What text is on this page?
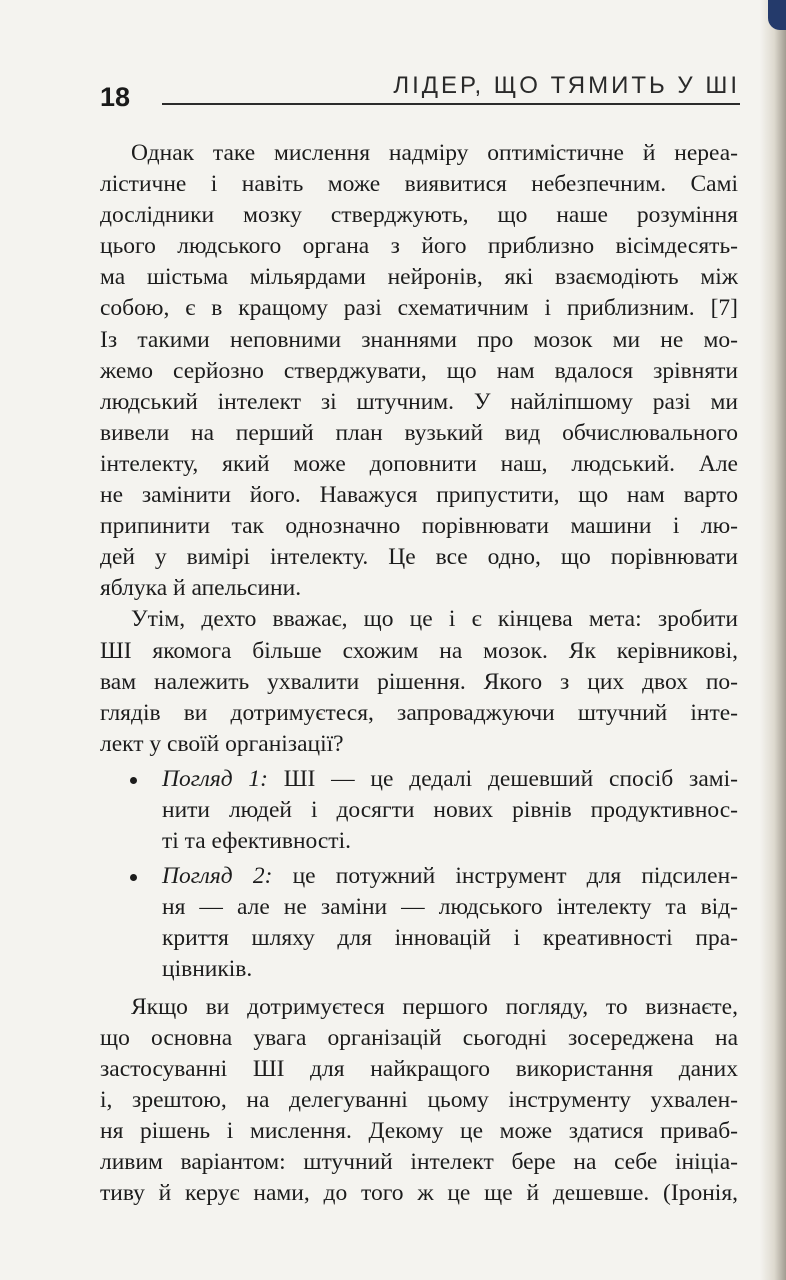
18	ЛІДЕР, ЩО ТЯМИТЬ У ШІ
Однак таке мислення надміру оптимістичне й нереа-
лістичне і навіть може виявитися небезпечним. Самі
дослідники мозку стверджують, що наше розуміння
цього людського органа з його приблизно вісімдесять-
ма шістьма мільярдами нейронів, які взаємодіють між
собою, є в кращому разі схематичним і приблизним. [7]
Із такими неповними знаннями про мозок ми не мо-
жемо серйозно стверджувати, що нам вдалося зрівняти
людський інтелект зі штучним. У найліпшому разі ми
вивели на перший план вузький вид обчислювального
інтелекту, який може доповнити наш, людський. Але
не замінити його. Наважуся припустити, що нам варто
припинити так однозначно порівнювати машини і лю-
дей у вимірі інтелекту. Це все одно, що порівнювати
яблука й апельсини.
Утім, дехто вважає, що це і є кінцева мета: зробити
ШІ якомога більше схожим на мозок. Як керівникові,
вам належить ухвалити рішення. Якого з цих двох по-
глядів ви дотримуєтеся, запроваджуючи штучний інте-
лект у своїй організації?
Погляд 1: ШІ — це дедалі дешевший спосіб замі-
нити людей і досягти нових рівнів продуктивнос-
ті та ефективності.
Погляд 2: це потужний інструмент для підсилен-
ня — але не заміни — людського інтелекту та від-
криття шляху для інновацій і креативності пра-
цівників.
Якщо ви дотримуєтеся першого погляду, то визнаєте,
що основна увага організацій сьогодні зосереджена на
застосуванні ШІ для найкращого використання даних
і, зрештою, на делегуванні цьому інструменту ухвален-
ня рішень і мислення. Декому це може здатися приваб-
ливим варіантом: штучний інтелект бере на себе ініціа-
тиву й керує нами, до того ж це ще й дешевше. (Іронія,
